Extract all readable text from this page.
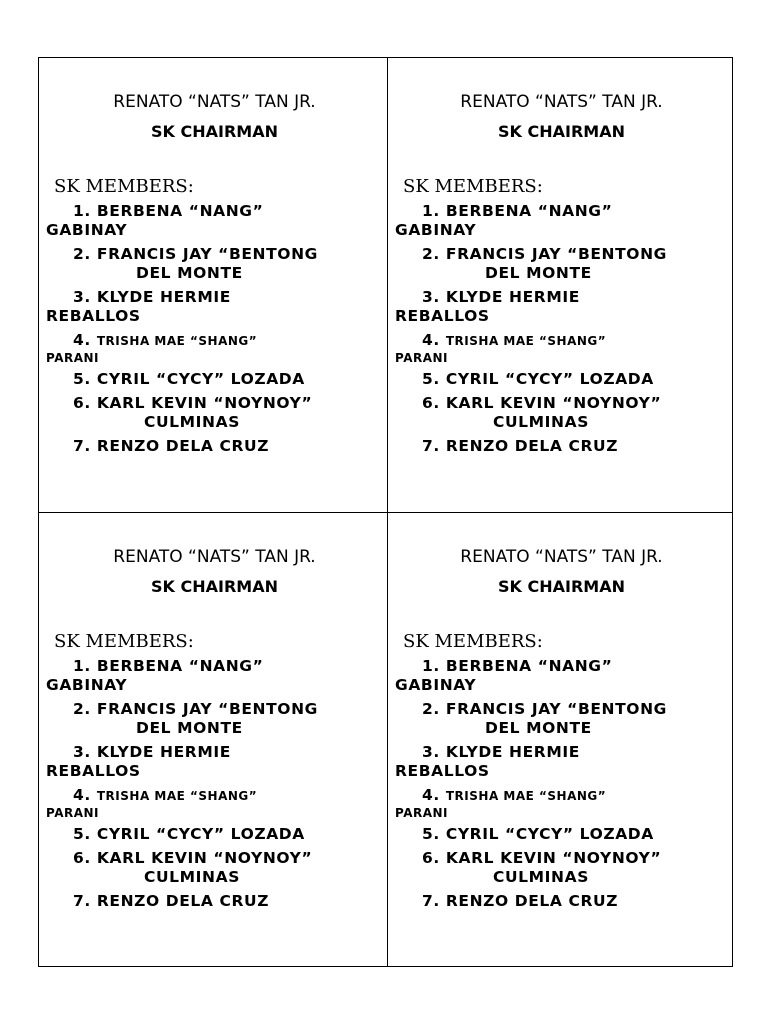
RENATO “NATS” TAN JR.
SK CHAIRMAN
SK MEMBERS:
1. BERBENA “NANG”
GABINAY
2. FRANCIS JAY “BENTONG
DEL MONTE
3. KLYDE HERMIE
REBALLOS
4. TRISHA MAE “SHANG”
PARANI
5. CYRIL “CYCY” LOZADA
6. KARL KEVIN “NOYNOY”
CULMINAS
7. RENZO DELA CRUZ
RENATO “NATS” TAN JR.
SK CHAIRMAN
SK MEMBERS:
1. BERBENA “NANG”
GABINAY
2. FRANCIS JAY “BENTONG
DEL MONTE
3. KLYDE HERMIE
REBALLOS
4. TRISHA MAE “SHANG”
PARANI
5. CYRIL “CYCY” LOZADA
6. KARL KEVIN “NOYNOY”
CULMINAS
7. RENZO DELA CRUZ
RENATO “NATS” TAN JR.
SK CHAIRMAN
SK MEMBERS:
1. BERBENA “NANG”
GABINAY
2. FRANCIS JAY “BENTONG
DEL MONTE
3. KLYDE HERMIE
REBALLOS
4. TRISHA MAE “SHANG”
PARANI
5. CYRIL “CYCY” LOZADA
6. KARL KEVIN “NOYNOY”
CULMINAS
7. RENZO DELA CRUZ
RENATO “NATS” TAN JR.
SK CHAIRMAN
SK MEMBERS:
1. BERBENA “NANG”
GABINAY
2. FRANCIS JAY “BENTONG
DEL MONTE
3. KLYDE HERMIE
REBALLOS
4. TRISHA MAE “SHANG”
PARANI
5. CYRIL “CYCY” LOZADA
6. KARL KEVIN “NOYNOY”
CULMINAS
7. RENZO DELA CRUZ
